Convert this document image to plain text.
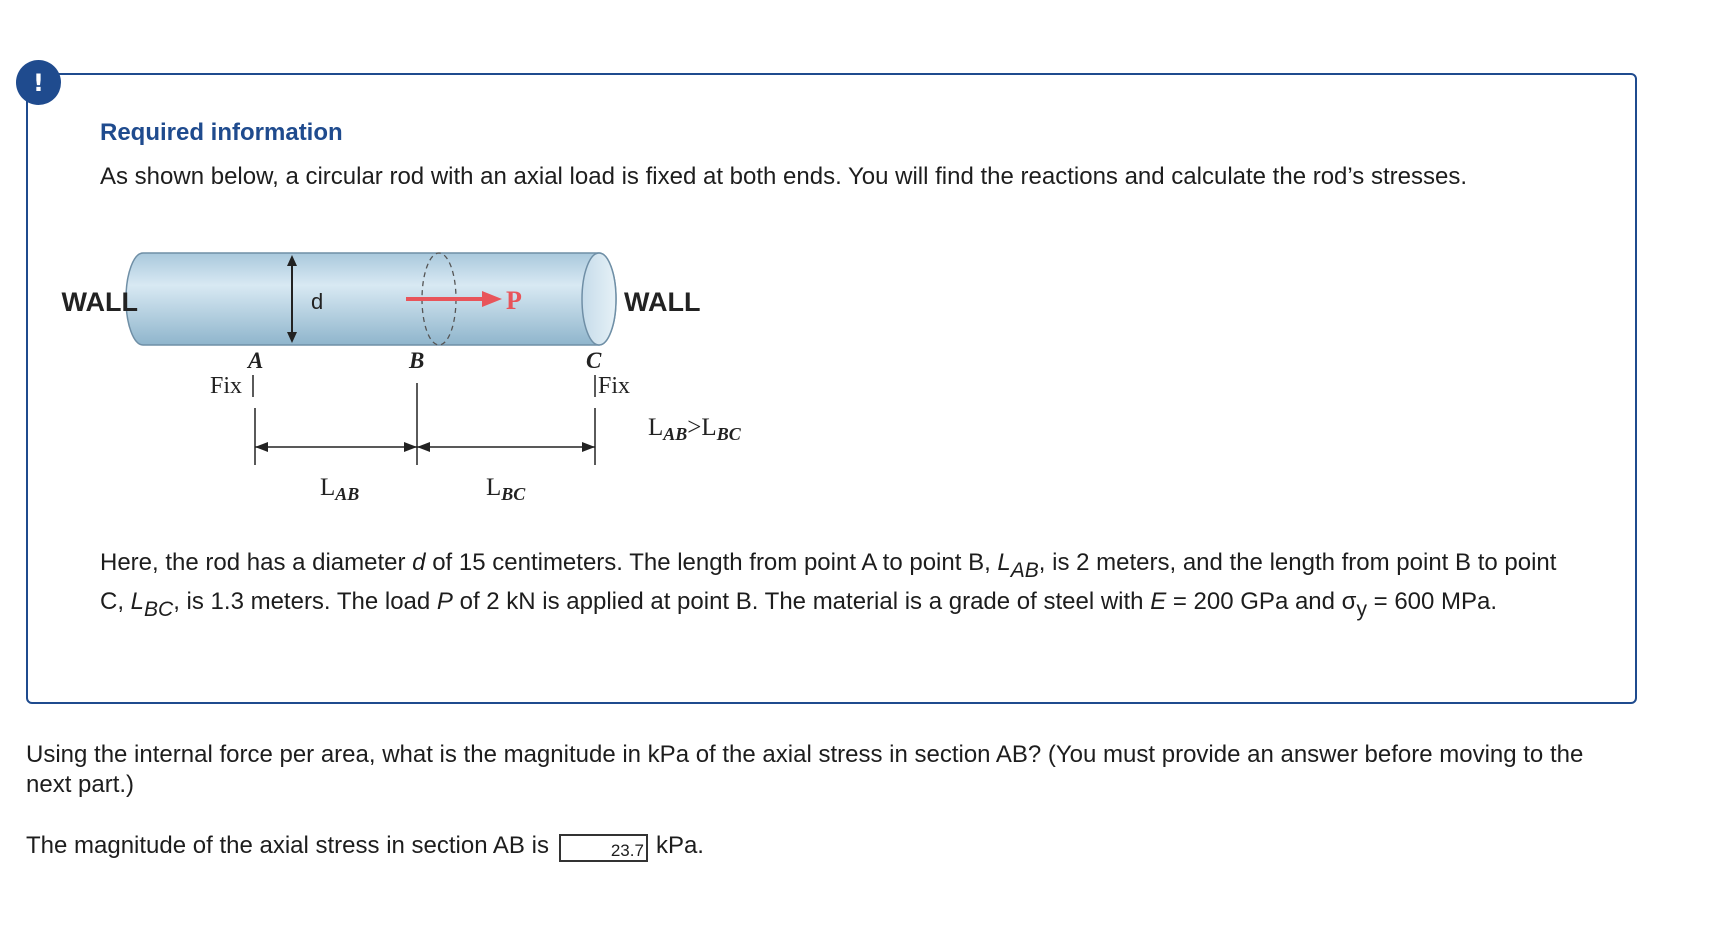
!
Required information
As shown below, a circular rod with an axial load is fixed at both ends. You will find the reactions and calculate the rod’s stresses.
d	P
WALL	WALL
A	B	C
Fix	Fix
$L_{AB}$	$L_{BC}$
$L_{AB}>L_{BC}$
Here, the rod has a diameter d of 15 centimeters. The length from point A to point B, $L_{AB}$, is 2 meters, and the length from point B to point C, $L_{BC}$, is 1.3 meters. The load P of 2 kN is applied at point B. The material is a grade of steel with E = 200 GPa and $\sigma_y = 600$ MPa.
Using the internal force per area, what is the magnitude in kPa of the axial stress in section AB? (You must provide an answer before moving to the next part.)
The magnitude of the axial stress in section AB is	23.7 kPa.
